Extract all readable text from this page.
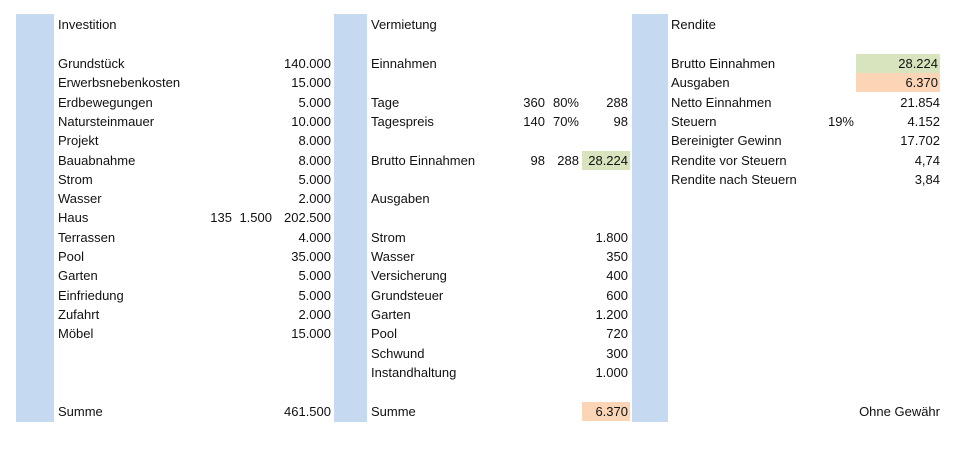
Investition
Grundstück	140.000
Erwerbsnebenkosten	15.000
Erdbewegungen	5.000
Natursteinmauer	10.000
Projekt	8.000
Bauabnahme	8.000
Strom	5.000
Wasser	2.000
Haus	135 1.500 202.500
Terrassen	4.000
Pool	35.000
Garten	5.000
Einfriedung	5.000
Zufahrt	2.000
Möbel	15.000
Summe	461.500
Vermietung
Einnahmen
Tage	360 80%	288
Tagespreis	140 70%	98
Brutto Einnahmen	98 288 28.224
Ausgaben
Strom	1.800
Wasser	350
Versicherung	400
Grundsteuer	600
Garten	1.200
Pool	720
Schwund	300
Instandhaltung	1.000
Summe	6.370
Rendite
Brutto Einnahmen	28.224
Ausgaben	6.370
Netto Einnahmen	21.854
Steuern	19%	4.152
Bereinigter Gewinn	17.702
Rendite vor Steuern	4,74
Rendite nach Steuern	3,84
Ohne Gewähr
